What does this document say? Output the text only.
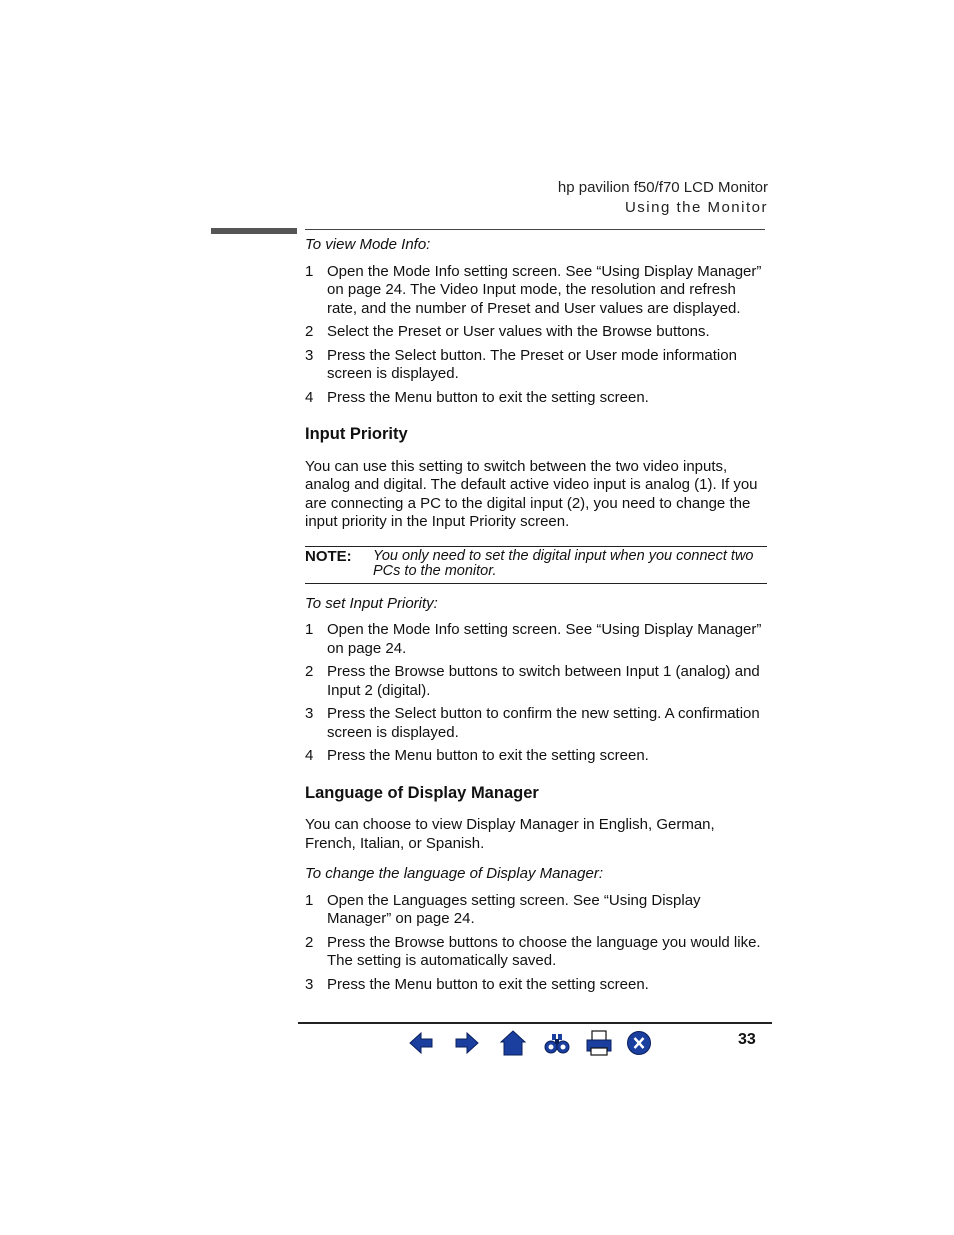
hp pavilion f50/f70 LCD Monitor
Using the Monitor

To view Mode Info:

1 Open the Mode Info setting screen. See “Using Display Manager” on page 24. The Video Input mode, the resolution and refresh rate, and the number of Preset and User values are displayed.
2 Select the Preset or User values with the Browse buttons.
3 Press the Select button. The Preset or User mode information screen is displayed.
4 Press the Menu button to exit the setting screen.
Input Priority

You can use this setting to switch between the two video inputs, analog and digital. The default active video input is analog (1). If you are connecting a PC to the digital input (2), you need to change the input priority in the Input Priority screen.

NOTE:	You only need to set the digital input when you connect two PCs to the monitor.

To set Input Priority:

1 Open the Mode Info setting screen. See “Using Display Manager” on page 24.
2 Press the Browse buttons to switch between Input 1 (analog) and Input 2 (digital).
3 Press the Select button to confirm the new setting. A confirmation screen is displayed.
4 Press the Menu button to exit the setting screen.
Language of Display Manager

You can choose to view Display Manager in English, German, French, Italian, or Spanish.

To change the language of Display Manager:

1 Open the Languages setting screen. See “Using Display Manager” on page 24.
2 Press the Browse buttons to choose the language you would like. The setting is automatically saved.
3 Press the Menu button to exit the setting screen.
33
